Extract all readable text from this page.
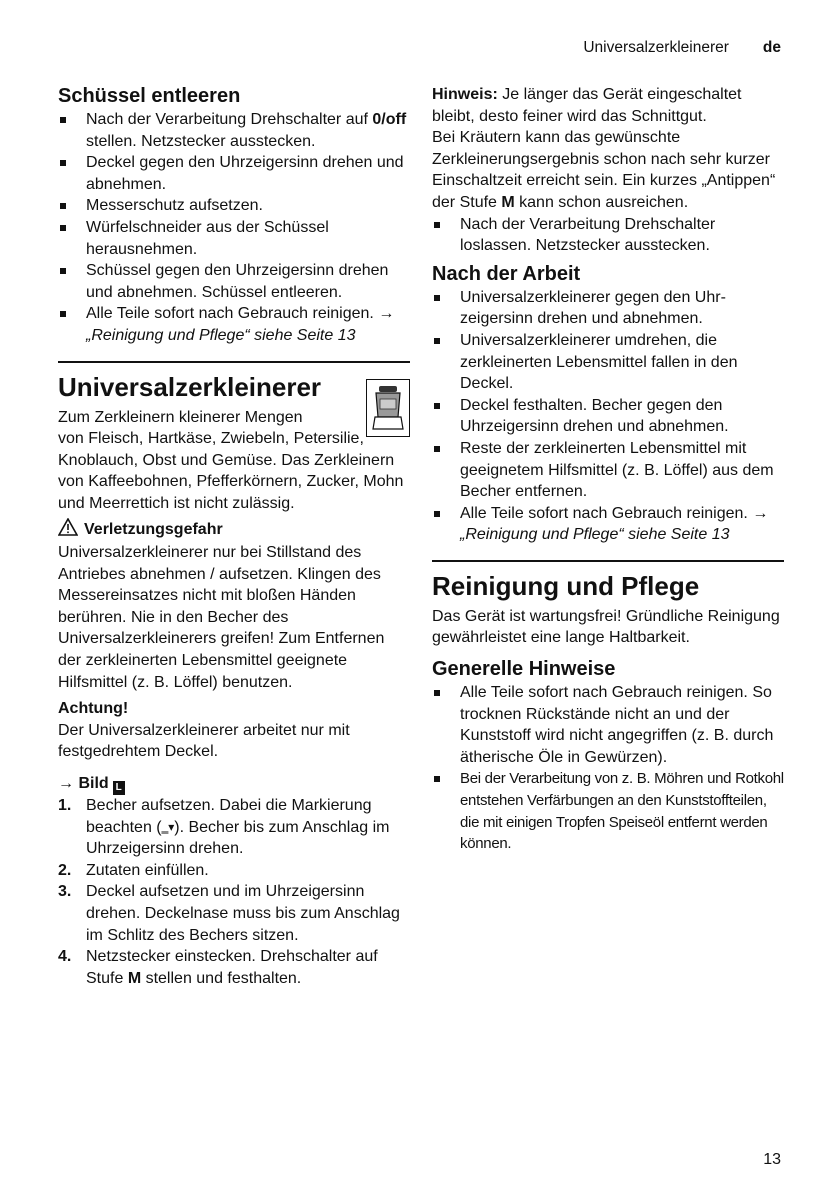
Universalzerkleinerer de
Schüssel entleeren
Nach der Verarbeitung Drehschalter auf 0/off stellen. Netzstecker ausstecken.
Deckel gegen den Uhrzeigersinn drehen und abnehmen.
Messerschutz aufsetzen.
Würfelschneider aus der Schüssel herausnehmen.
Schüssel gegen den Uhrzeigersinn drehen und abnehmen. Schüssel entleeren.
Alle Teile sofort nach Gebrauch reinigen. → „Reinigung und Pflege“ siehe Seite 13
Universalzerkleinerer

Zum Zerkleinern kleinerer Mengen

von Fleisch, Hartkäse, Zwiebeln, Petersilie, Knoblauch, Obst und Gemüse. Das Zerkleinern von Kaffeebohnen, Pfefferkörnern, Zucker, Mohn und Meerrettich ist nicht zulässig.

Verletzungsgefahr

Universalzerkleinerer nur bei Stillstand des Antriebes abnehmen / aufsetzen. Klingen des Messereinsatzes nicht mit bloßen Händen berühren. Nie in den Becher des Universalzerkleinerers greifen! Zum Entfernen der zerkleinerten Lebensmittel geeignete Hilfsmittel (z. B. Löffel) benutzen.

Achtung!

Der Universalzerkleinerer arbeitet nur mit festgedrehtem Deckel.

→ Bild L

1. Becher aufsetzen. Dabei die Markierung beachten (‗▾). Becher bis zum Anschlag im Uhrzeigersinn drehen.
2. Zutaten einfüllen.
3. Deckel aufsetzen und im Uhrzeigersinn drehen. Deckelnase muss bis zum Anschlag im Schlitz des Bechers sitzen.
4. Netzstecker einstecken. Drehschalter auf Stufe M stellen und festhalten.

Hinweis: Je länger das Gerät eingeschaltet bleibt, desto feiner wird das Schnittgut.

Bei Kräutern kann das gewünschte Zerkleinerungsergebnis schon nach sehr kurzer Einschaltzeit erreicht sein. Ein kurzes „Antippen“ der Stufe M kann schon ausreichen.

Nach der Verarbeitung Drehschalter loslassen. Netzstecker ausstecken.
Nach der Arbeit
Universalzerkleinerer gegen den Uhrzeigersinn drehen und abnehmen.
Universalzerkleinerer umdrehen, die zerkleinerten Lebensmittel fallen in den Deckel.
Deckel festhalten. Becher gegen den Uhrzeigersinn drehen und abnehmen.
Reste der zerkleinerten Lebensmittel mit geeignetem Hilfsmittel (z. B. Löffel) aus dem Becher entfernen.
Alle Teile sofort nach Gebrauch reinigen. → „Reinigung und Pflege“ siehe Seite 13
Reinigung und Pflege

Das Gerät ist wartungsfrei! Gründliche Reinigung gewährleistet eine lange Haltbarkeit.

Generelle Hinweise
Alle Teile sofort nach Gebrauch reinigen. So trocknen Rückstände nicht an und der Kunststoff wird nicht angegriffen (z. B. durch ätherische Öle in Gewürzen).
Bei der Verarbeitung von z. B. Möhren und Rotkohl entstehen Verfärbungen an den Kunststoffteilen, die mit einigen Tropfen Speiseöl entfernt werden können.
13
